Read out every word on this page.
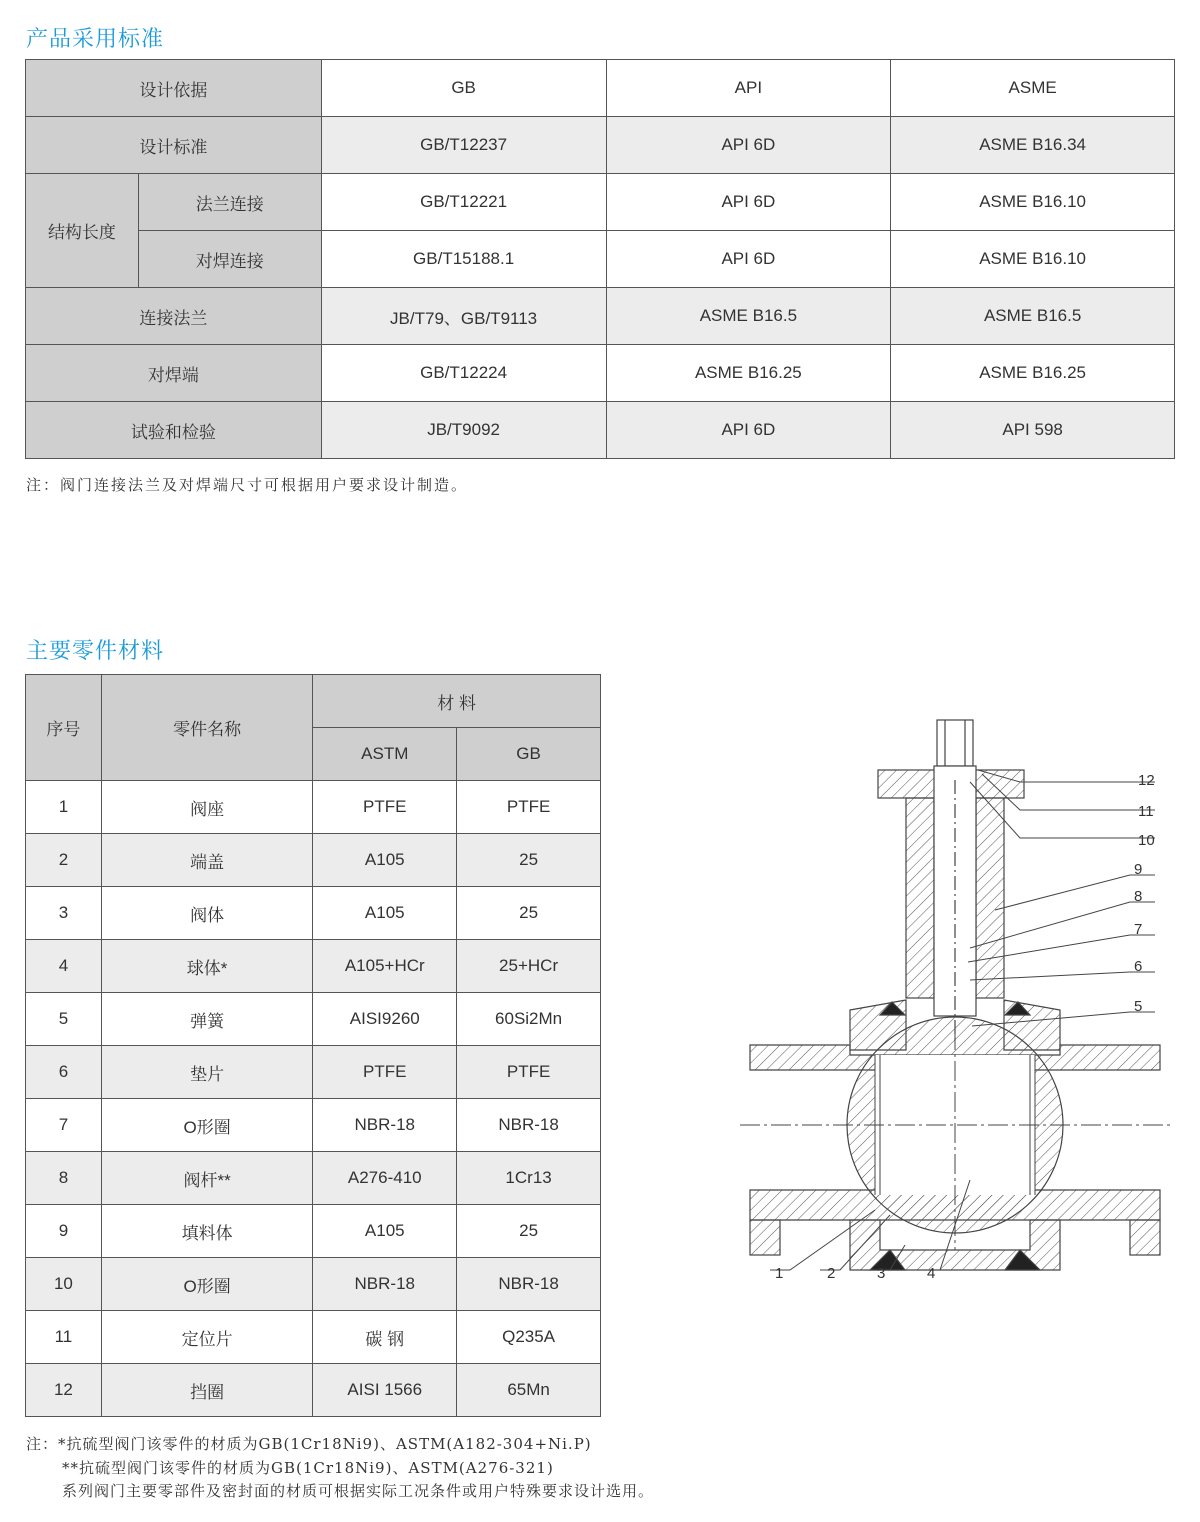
产品采用标准
设计依据		GB	API	ASME
设计标准		GB/T12237	API 6D	ASME B16.34
结构长度	法兰连接	GB/T12221	API 6D	ASME B16.10
	对焊连接	GB/T15188.1	API 6D	ASME B16.10
连接法兰		JB/T79、GB/T9113	ASME B16.5	ASME B16.5
对焊端		GB/T12224	ASME B16.25	ASME B16.25
试验和检验		JB/T9092	API 6D	API 598

注：阀门连接法兰及对焊端尺寸可根据用户要求设计制造。

主要零件材料
序号	零件名称	材 料	
		ASTM	GB
1	阀座	PTFE	PTFE
2	端盖	A105	25
3	阀体	A105	25
4	球体*	A105+HCr	25+HCr
5	弹簧	AISI9260	60Si2Mn
6	垫片	PTFE	PTFE
7	O形圈	NBR-18	NBR-18
8	阀杆**	A276-410	1Cr13
9	填料体	A105	25
10	O形圈	NBR-18	NBR-18
11	定位片	碳 钢	Q235A
12	挡圈	AISI 1566	65Mn
注：*抗硫型阀门该零件的材质为GB(1Cr18Ni9)、ASTM(A182-304+Ni.P)
**抗硫型阀门该零件的材质为GB(1Cr18Ni9)、ASTM(A276-321)
系列阀门主要零部件及密封面的材质可根据实际工况条件或用户特殊要求设计选用。
12
11
10
9
8
7
6
5
1	2	3	4
